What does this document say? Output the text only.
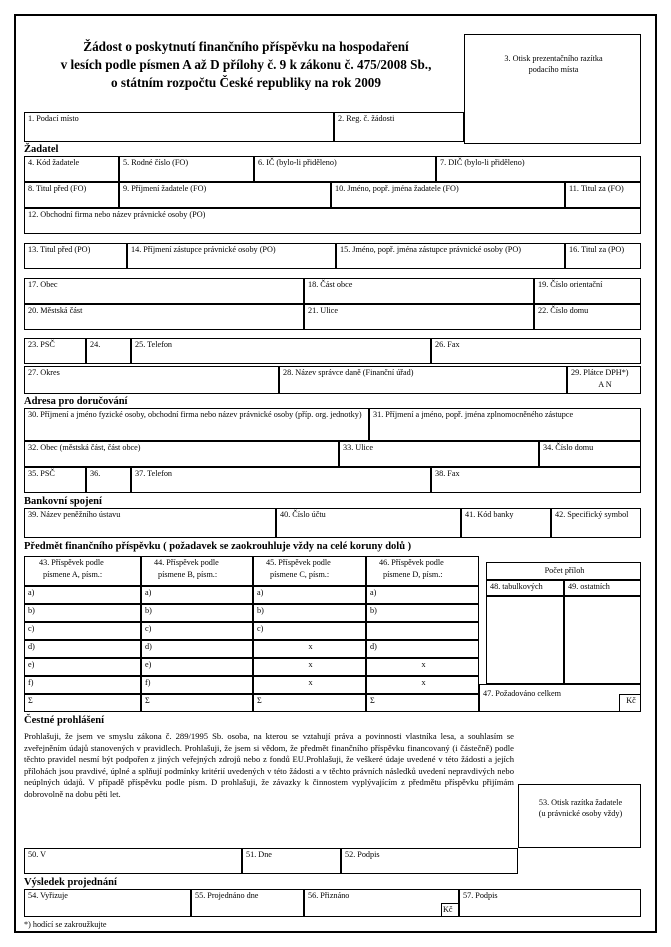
Žádost o poskytnutí finančního příspěvku na hospodaření
v lesích podle písmen A až D přílohy č. 9 k zákonu č. 475/2008 Sb.,
o státním rozpočtu České republiky na rok 2009
3. Otisk prezentačního razítka
podacího místa
1. Podací místo	2. Reg. č. žádosti
Žadatel
4. Kód žadatele	5. Rodné číslo (FO)	6. IČ (bylo-li přiděleno)	7. DIČ (bylo-li přiděleno)
8. Titul před (FO)	9. Příjmení žadatele (FO)	10. Jméno, popř. jména žadatele (FO)	11. Titul za (FO)
12. Obchodní firma nebo název právnické osoby (PO)
13. Titul před (PO)	14. Příjmení zástupce právnické osoby (PO)	15. Jméno, popř. jména zástupce právnické osoby (PO)	16. Titul za (PO)
17. Obec	18. Část obce	19. Číslo orientační
20. Městská část	21. Ulice	22. Číslo domu
23. PSČ	24.	25. Telefon	26. Fax
27. Okres	28. Název správce daně (Finanční úřad)	29. Plátce DPH*)
A N
Adresa pro doručování
30. Příjmení a jméno fyzické osoby, obchodní firma nebo název právnické osoby (příp. org. jednotky)	31. Příjmení a jméno, popř. jména zplnomocněného zástupce
32. Obec (městská část, část obce)	33. Ulice	34. Číslo domu
35. PSČ	36.	37. Telefon	38. Fax
Bankovní spojení
39. Název peněžního ústavu	40. Číslo účtu	41. Kód banky	42. Specifický symbol
Předmět finančního příspěvku ( požadavek se zaokrouhluje vždy na celé koruny dolů )
43. Příspěvek podle
písmene A, písm.:
44. Příspěvek podle
písmene B, písm.:
45. Příspěvek podle
písmene C, písm.:
46. Příspěvek podle
písmene D, písm.:
a)	a)	a)	a)
b)	b)	b)	b)
c)	c)	c)
d)	d)	x	d)
e)	e)	x	x
f)	f)	x	x
Σ	Σ	Σ	Σ
Počet příloh
48. tabulkových	49. ostatních
47. Požadováno celkem
Kč
Čestné prohlášení
Prohlašuji, že jsem ve smyslu zákona č. 289/1995 Sb. osoba, na kterou se vztahují práva a povinnosti vlastníka lesa, a souhlasím se zveřejněním údajů stanovených v pravidlech. Prohlašuji, že jsem si vědom, že předmět finančního příspěvku financovaný (i částečně) podle těchto pravidel nesmí být podpořen z jiných veřejných zdrojů nebo z fondů EU.Prohlašuji, že veškeré údaje uvedené v této žádosti a jejích přílohách jsou pravdivé, úplné a splňují podmínky kritérií uvedených v této žádosti a v těchto právních následků uvedení nepravdivých nebo neúplných údajů. V případě příspěvku podle písm. D prohlašuji, že závazky k činnostem vyplývajícím z předmětu příspěvku přijímám dobrovolně na dobu pěti let.
53. Otisk razítka žadatele
(u právnické osoby vždy)
50. V	51. Dne	52. Podpis
Výsledek projednání
54. Vyřizuje	55. Projednáno dne	56. Přiznáno
Kč
57. Podpis
*) hodící se zakroužkujte
